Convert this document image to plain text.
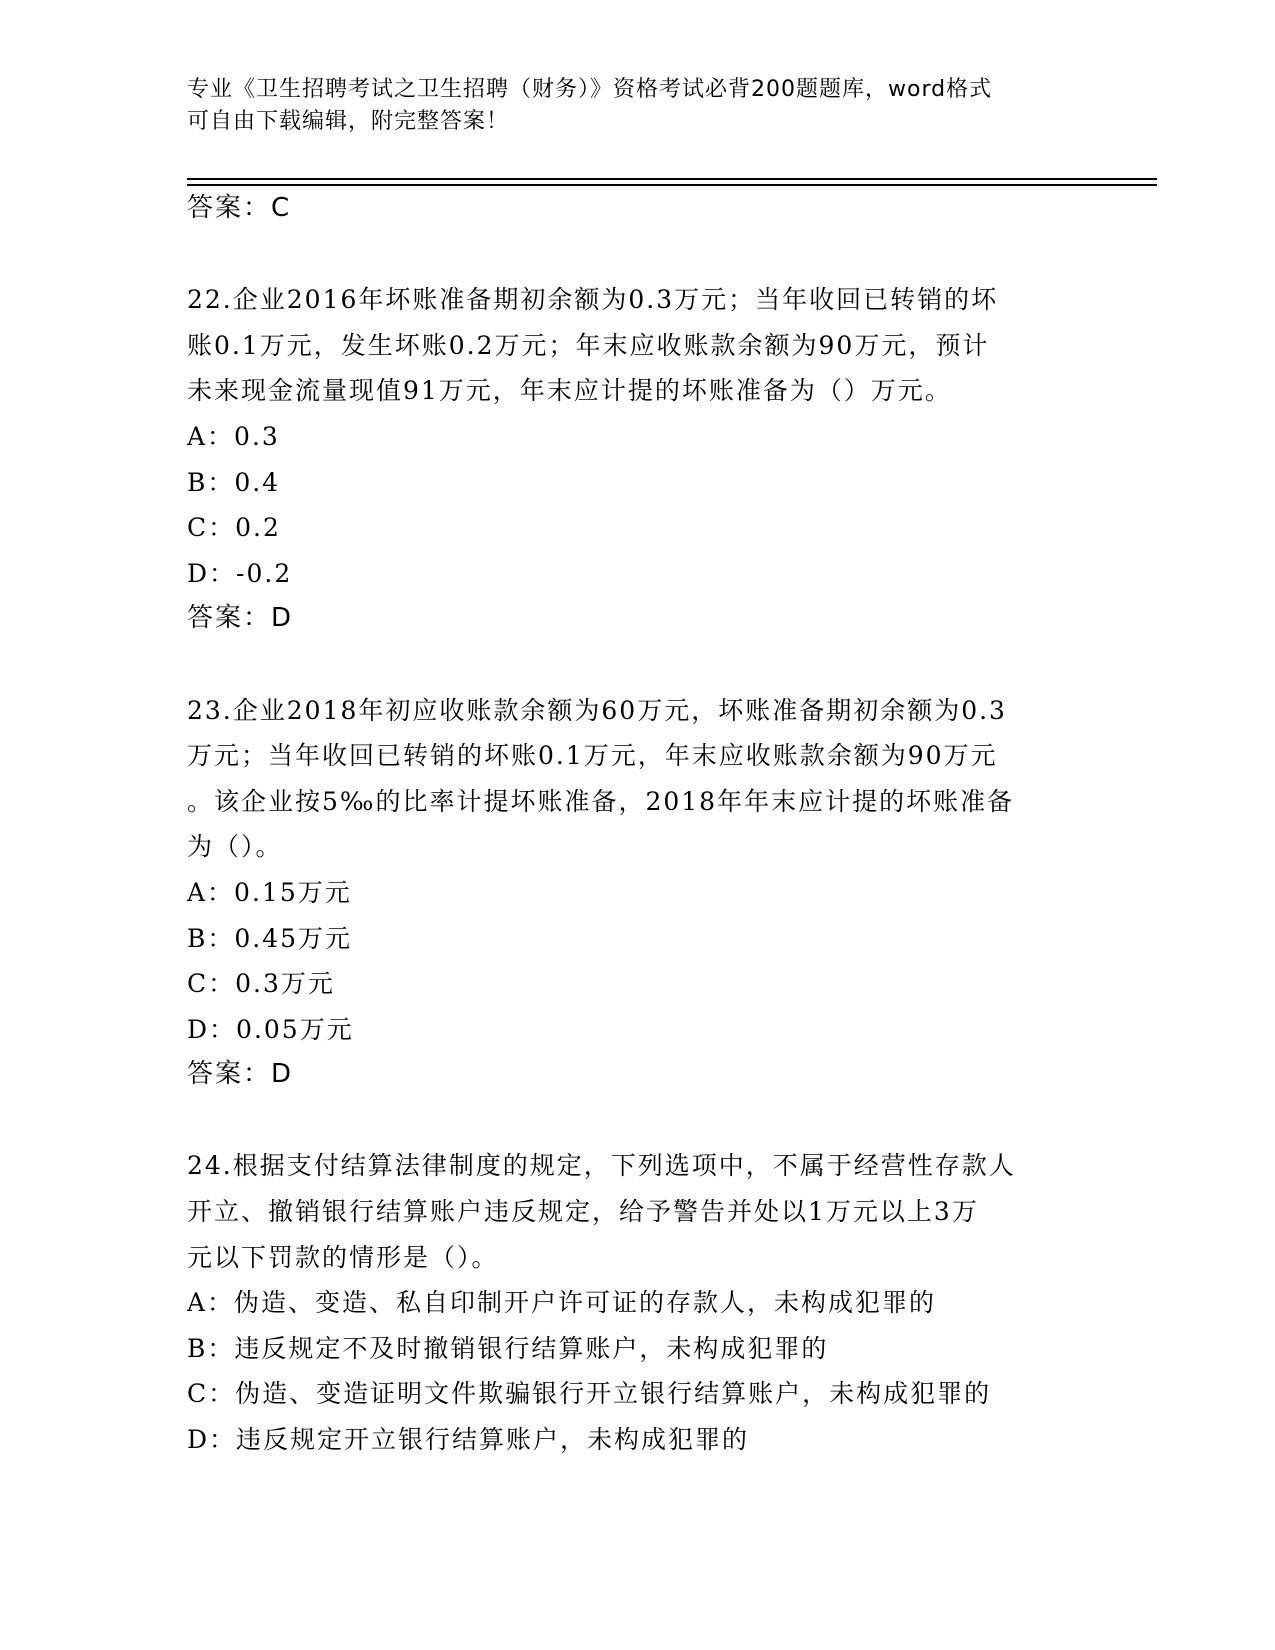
专业《卫生招聘考试之卫生招聘（财务）》资格考试必背200题题库，word格式
可自由下载编辑，附完整答案！
答案：C
22.企业2016年坏账准备期初余额为0.3万元；当年收回已转销的坏
账0.1万元，发生坏账0.2万元；年末应收账款余额为90万元，预计
未来现金流量现值91万元，年末应计提的坏账准备为（）万元。
A：0.3
B：0.4
C：0.2
D：-0.2
答案：D
23.企业2018年初应收账款余额为60万元，坏账准备期初余额为0.3
万元；当年收回已转销的坏账0.1万元，年末应收账款余额为90万元
。该企业按5‰的比率计提坏账准备，2018年年末应计提的坏账准备
为（）。
A：0.15万元
B：0.45万元
C：0.3万元
D：0.05万元
答案：D
24.根据支付结算法律制度的规定，下列选项中，不属于经营性存款人
开立、撤销银行结算账户违反规定，给予警告并处以1万元以上3万
元以下罚款的情形是（）。
A：伪造、变造、私自印制开户许可证的存款人，未构成犯罪的
B：违反规定不及时撤销银行结算账户，未构成犯罪的
C：伪造、变造证明文件欺骗银行开立银行结算账户，未构成犯罪的
D：违反规定开立银行结算账户，未构成犯罪的
